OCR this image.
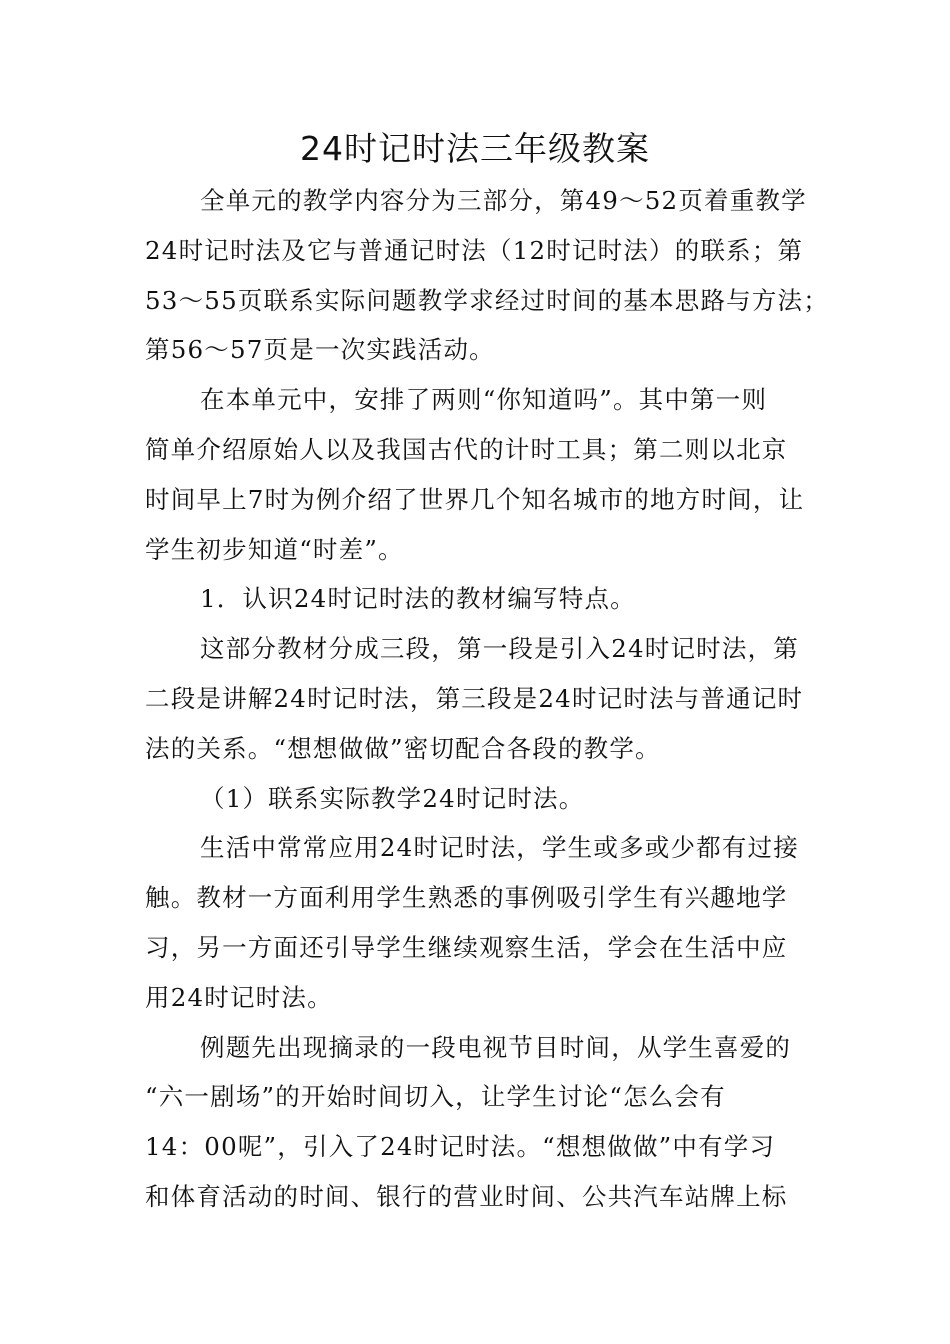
24时记时法三年级教案

全单元的教学内容分为三部分，第49～52页着重教学
24时记时法及它与普通记时法（12时记时法）的联系；第
53～55页联系实际问题教学求经过时间的基本思路与方法；
第56～57页是一次实践活动。

在本单元中，安排了两则“你知道吗”。其中第一则
简单介绍原始人以及我国古代的计时工具；第二则以北京
时间早上7时为例介绍了世界几个知名城市的地方时间，让
学生初步知道“时差”。

1．认识24时记时法的教材编写特点。

这部分教材分成三段，第一段是引入24时记时法，第
二段是讲解24时记时法，第三段是24时记时法与普通记时
法的关系。“想想做做”密切配合各段的教学。

（1）联系实际教学24时记时法。

生活中常常应用24时记时法，学生或多或少都有过接
触。教材一方面利用学生熟悉的事例吸引学生有兴趣地学
习，另一方面还引导学生继续观察生活，学会在生活中应
用24时记时法。

例题先出现摘录的一段电视节目时间，从学生喜爱的
“六一剧场”的开始时间切入，让学生讨论“怎么会有
14：00呢”，引入了24时记时法。“想想做做”中有学习
和体育活动的时间、银行的营业时间、公共汽车站牌上标
